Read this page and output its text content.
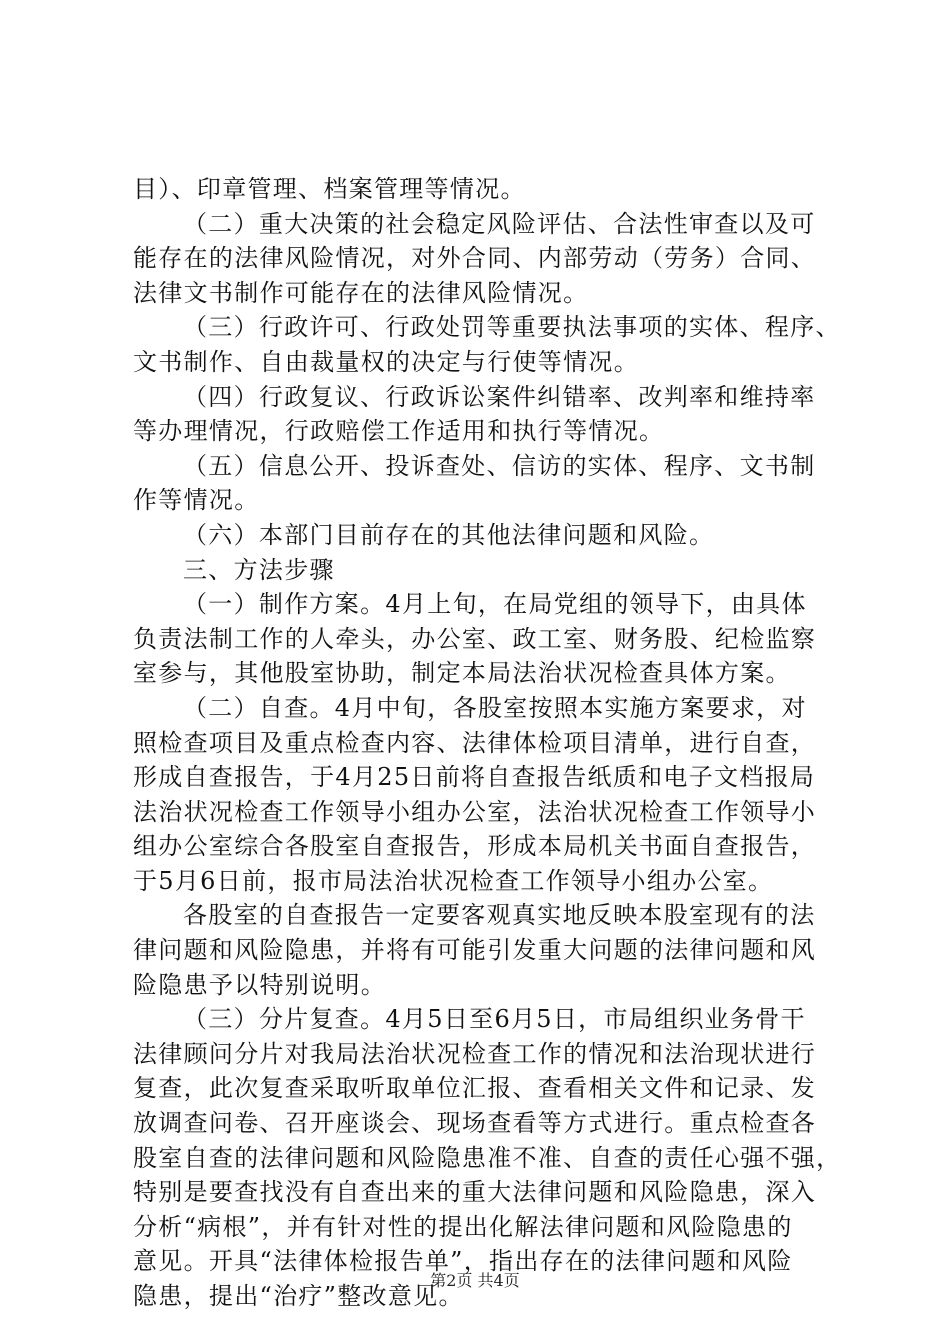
目）、印章管理、档案管理等情况。
（二）重大决策的社会稳定风险评估、合法性审查以及可
能存在的法律风险情况，对外合同、内部劳动（劳务）合同、
法律文书制作可能存在的法律风险情况。
（三）行政许可、行政处罚等重要执法事项的实体、程序、
文书制作、自由裁量权的决定与行使等情况。
（四）行政复议、行政诉讼案件纠错率、改判率和维持率
等办理情况，行政赔偿工作适用和执行等情况。
（五）信息公开、投诉查处、信访的实体、程序、文书制
作等情况。
（六）本部门目前存在的其他法律问题和风险。
三、方法步骤
（一）制作方案。4月上旬，在局党组的领导下，由具体
负责法制工作的人牵头，办公室、政工室、财务股、纪检监察
室参与，其他股室协助，制定本局法治状况检查具体方案。
（二）自查。4月中旬，各股室按照本实施方案要求，对
照检查项目及重点检查内容、法律体检项目清单，进行自查，
形成自查报告，于4月25日前将自查报告纸质和电子文档报局
法治状况检查工作领导小组办公室，法治状况检查工作领导小
组办公室综合各股室自查报告，形成本局机关书面自查报告，
于5月6日前，报市局法治状况检查工作领导小组办公室。
各股室的自查报告一定要客观真实地反映本股室现有的法
律问题和风险隐患，并将有可能引发重大问题的法律问题和风
险隐患予以特别说明。
（三）分片复查。4月5日至6月5日，市局组织业务骨干
法律顾问分片对我局法治状况检查工作的情况和法治现状进行
复查，此次复查采取听取单位汇报、查看相关文件和记录、发
放调查问卷、召开座谈会、现场查看等方式进行。重点检查各
股室自查的法律问题和风险隐患准不准、自查的责任心强不强，
特别是要查找没有自查出来的重大法律问题和风险隐患，深入
分析“病根”，并有针对性的提出化解法律问题和风险隐患的
意见。开具“法律体检报告单”，指出存在的法律问题和风险
隐患，提出“治疗”整改意见。
第2页 共4页
